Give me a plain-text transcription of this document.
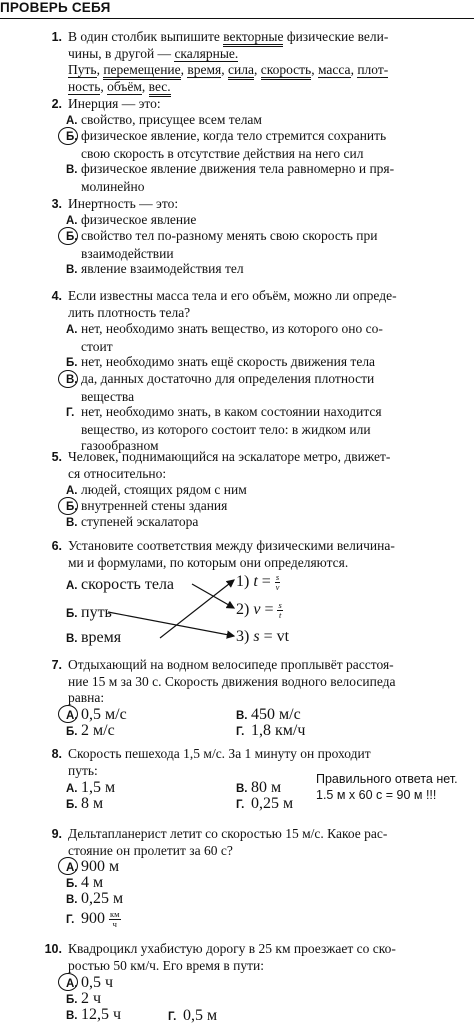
ПРОВЕРЬ СЕБЯ
1. В один столбик выпишите векторные физические вели-
чины, в другой — скалярные.
Путь, перемещение, время, сила, скорость, масса, плот-
ность, объём, вес.
2. Инерция — это:
А. свойство, присущее всем телам
Б. физическое явление, когда тело стремится сохранить
свою скорость в отсутствие действия на него сил
В. физическое явление движения тела равномерно и пря-
молинейно
3. Инертность — это:
А. физическое явление
Б. свойство тел по-разному менять свою скорость при
взаимодействии
В. явление взаимодействия тел
4. Если известны масса тела и его объём, можно ли опреде-
лить плотность тела?
А. нет, необходимо знать вещество, из которого оно со-
стоит
Б. нет, необходимо знать ещё скорость движения тела
В. да, данных достаточно для определения плотности
вещества
Г. нет, необходимо знать, в каком состоянии находится
вещество, из которого состоит тело: в жидком или
газообразном
5. Человек, поднимающийся на эскалаторе метро, движет-
ся относительно:
А. людей, стоящих рядом с ним
Б. внутренней стены здания
В. ступеней эскалатора
6. Установите соответствия между физическими величина-
ми и формулами, по которым они определяются.
А. скорость тела
Б. путь
В. время
1) $t = \frac{s}{v}$
2) $v = \frac{s}{t}$
3) s = vt
7. Отдыхающий на водном велосипеде проплывёт расстоя-
ние 15 м за 30 с. Скорость движения водного велосипеда
равна:
А. 0,5 м/с
Б. 2 м/с
В. 450 м/с
Г. 1,8 км/ч
8. Скорость пешехода 1,5 м/с. За 1 минуту он проходит
путь:
А. 1,5 м
Б. 8 м
В. 80 м
Г. 0,25 м
Правильного ответа нет.
1.5 м х 60 с = 90 м !!!
9. Дельтапланерист летит со скоростью 15 м/с. Какое рас-
стояние он пролетит за 60 с?
А. 900 м
Б. 4 м
В. 0,25 м
Г. $900 \frac{км}{ч}$
10. Квадроцикл ухабистую дорогу в 25 км проезжает со ско-
ростью 50 км/ч. Его время в пути:
А. 0,5 ч
Б. 2 ч
В. 12,5 ч	Г. 0,5 м
